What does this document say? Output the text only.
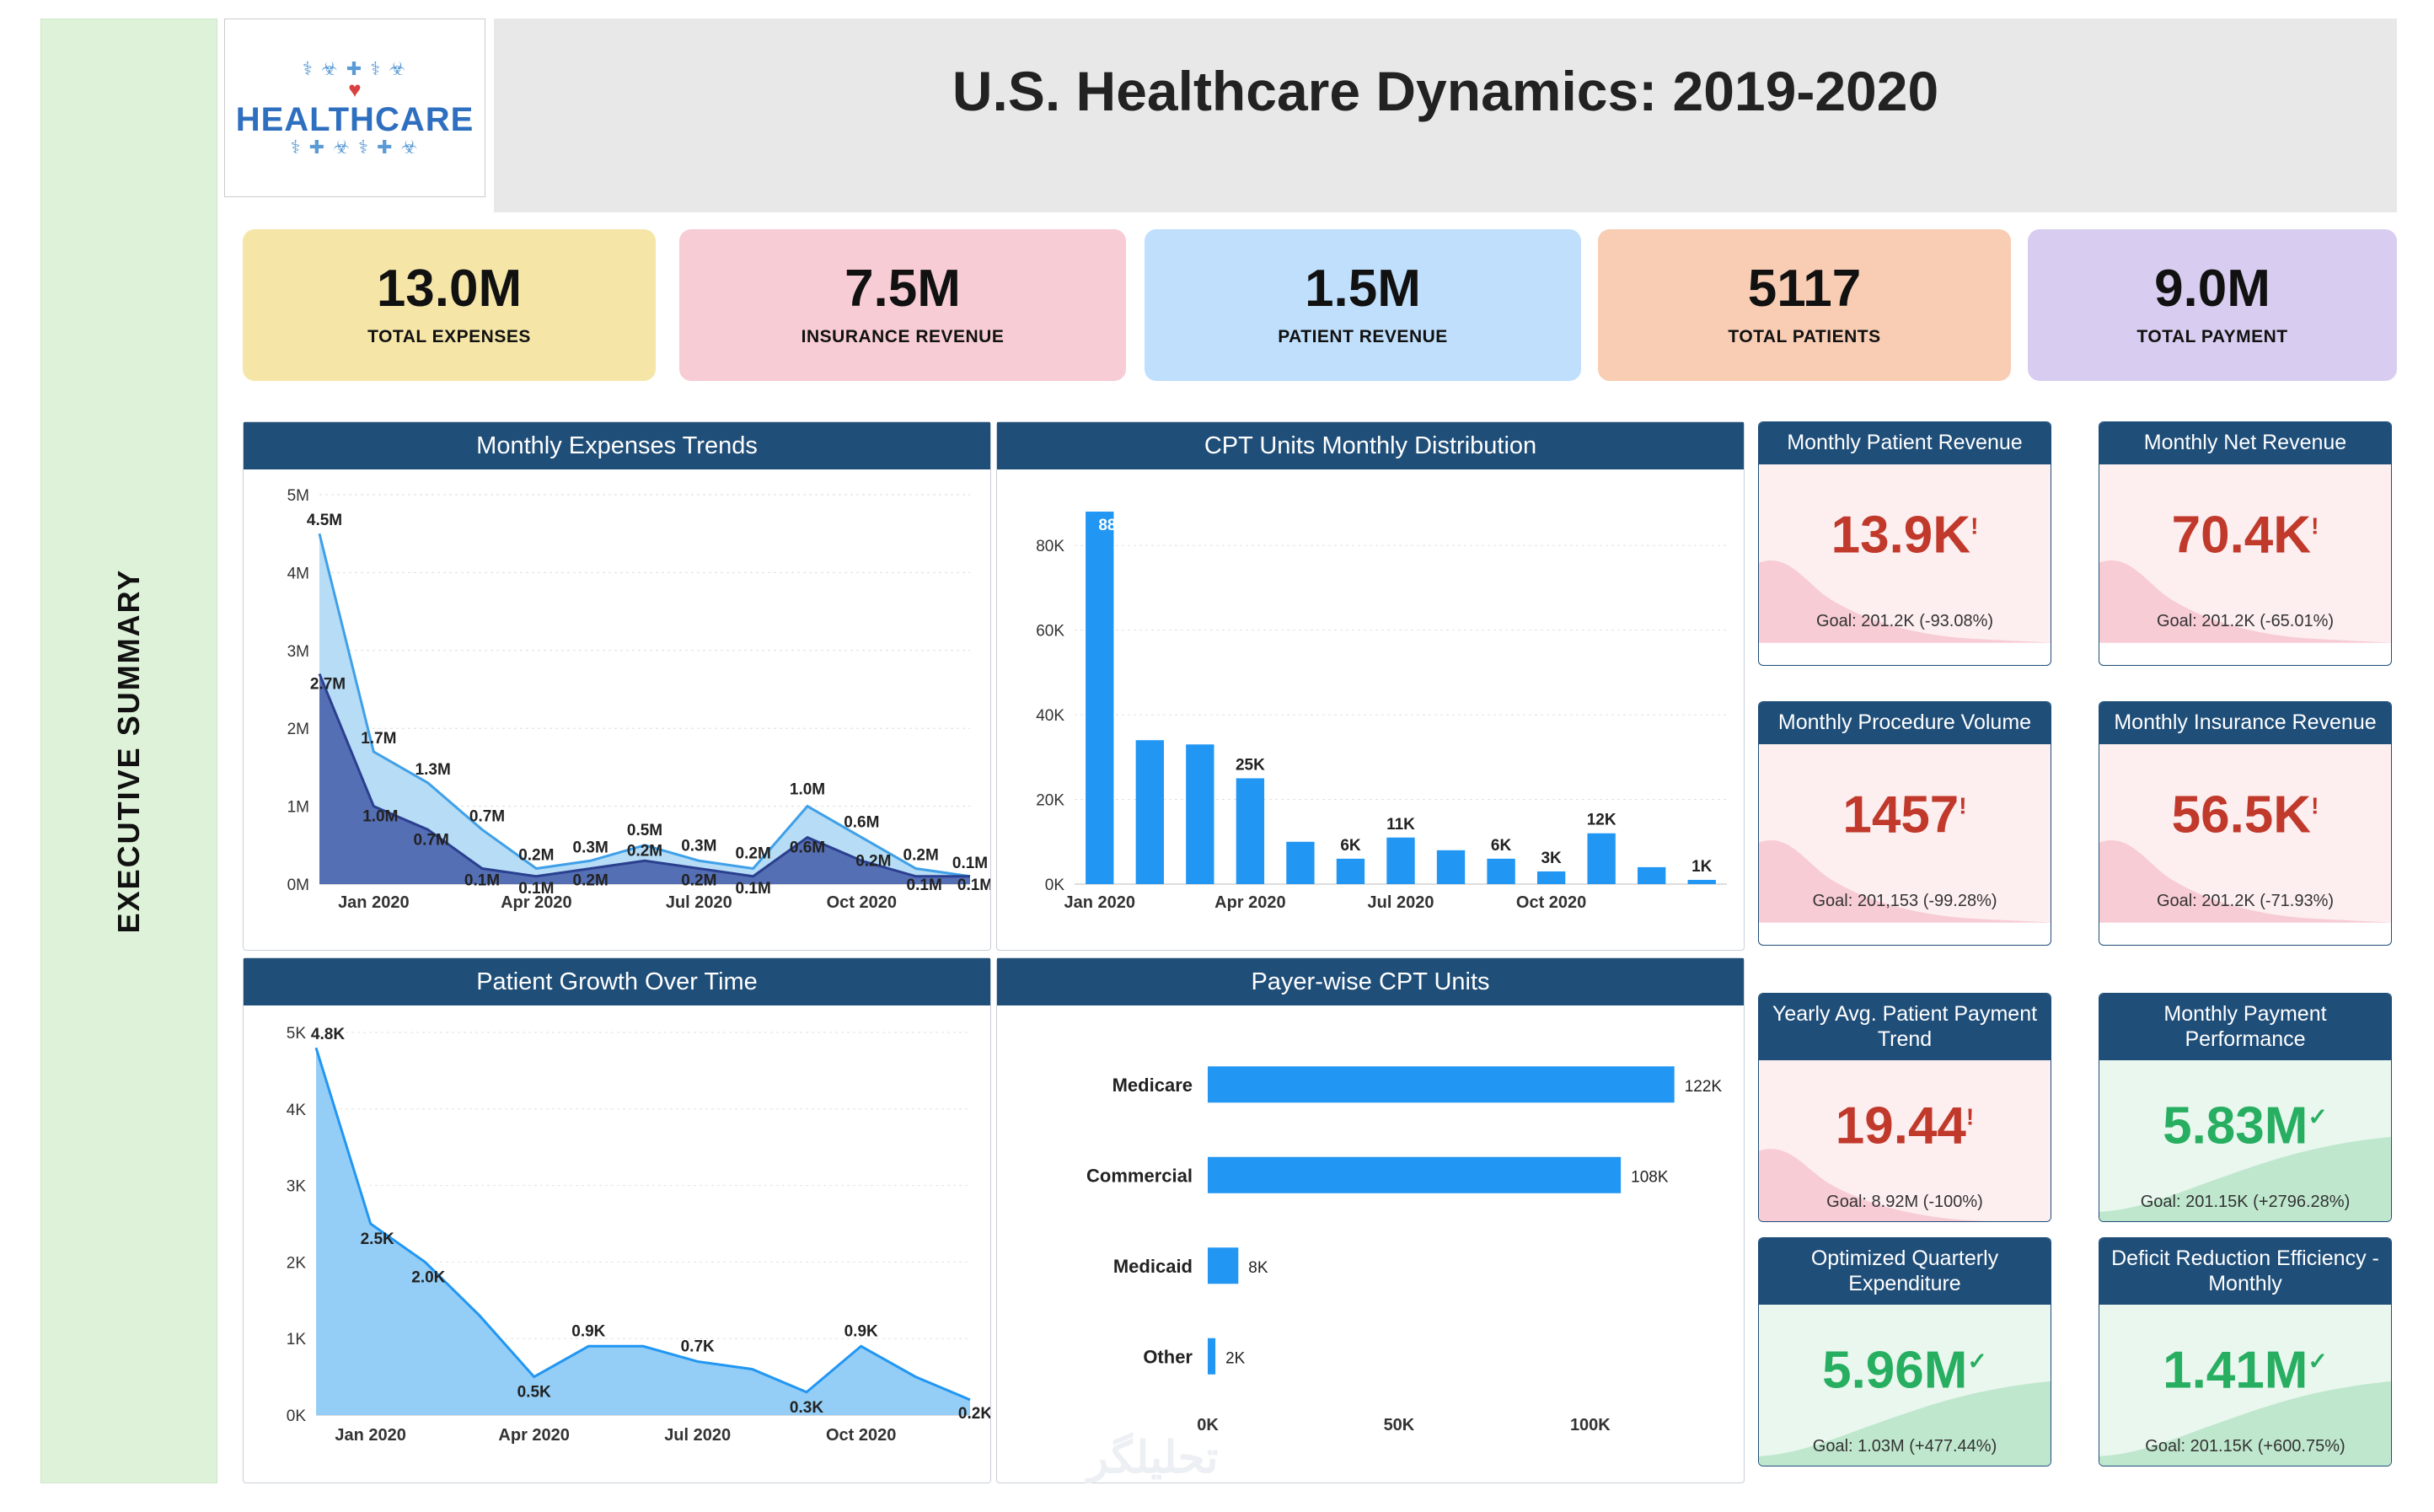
EXECUTIVE SUMMARY
⚕ ☣ ✚ ⚕ ☣
♥
HEALTHCARE
⚕ ✚ ☣ ⚕ ✚ ☣
U.S. Healthcare Dynamics: 2019-2020
13.0M
TOTAL EXPENSES
7.5M
INSURANCE REVENUE
1.5M
PATIENT REVENUE
5117
TOTAL PATIENTS
9.0M
TOTAL PAYMENT
Monthly Expenses Trends
0M
1M
2M
3M
4M
5M
Jan 2020	Apr 2020	Jul 2020	Oct 2020
4.5M
1.7M
1.3M
0.7M
0.2M 0.3M
0.5M
0.3M 0.2M
1.0M
0.6M
0.2M 0.1M
2.7M
1.0M
0.7M
0.1M 0.1M 0.2M
0.2M
0.2M 0.1M
0.6M
0.2M
0.1M 0.1M
CPT Units Monthly Distribution
0K
20K
40K
60K
80K
88K
25K
6K
11K
6K
3K
12K
1K
Jan 2020	Apr 2020	Jul 2020	Oct 2020
Patient Growth Over Time
0K
1K
2K
3K
4K
5K 4.8K
2.5K
2.0K
0.5K
0.9K
0.7K
0.3K
0.9K
0.2K
Jan 2020	Apr 2020	Jul 2020	Oct 2020
Payer-wise CPT Units
Medicare	122K
Commercial	108K
Medicaid	8K
Other 2K
0K	50K	100K
تحلیلگر
Monthly Patient Revenue
13.9K!
Goal: 201.2K (-93.08%)
Monthly Net Revenue
70.4K!
Goal: 201.2K (-65.01%)
Monthly Procedure Volume
1457!
Goal: 201,153 (-99.28%)
Monthly Insurance Revenue
56.5K!
Goal: 201.2K (-71.93%)
Yearly Avg. Patient Payment Trend
19.44!
Goal: 8.92M (-100%)
Monthly Payment Performance
5.83M✓
Goal: 201.15K (+2796.28%)
Optimized Quarterly Expenditure
5.96M✓
Goal: 1.03M (+477.44%)
Deficit Reduction Efficiency - Monthly
1.41M✓
Goal: 201.15K (+600.75%)
